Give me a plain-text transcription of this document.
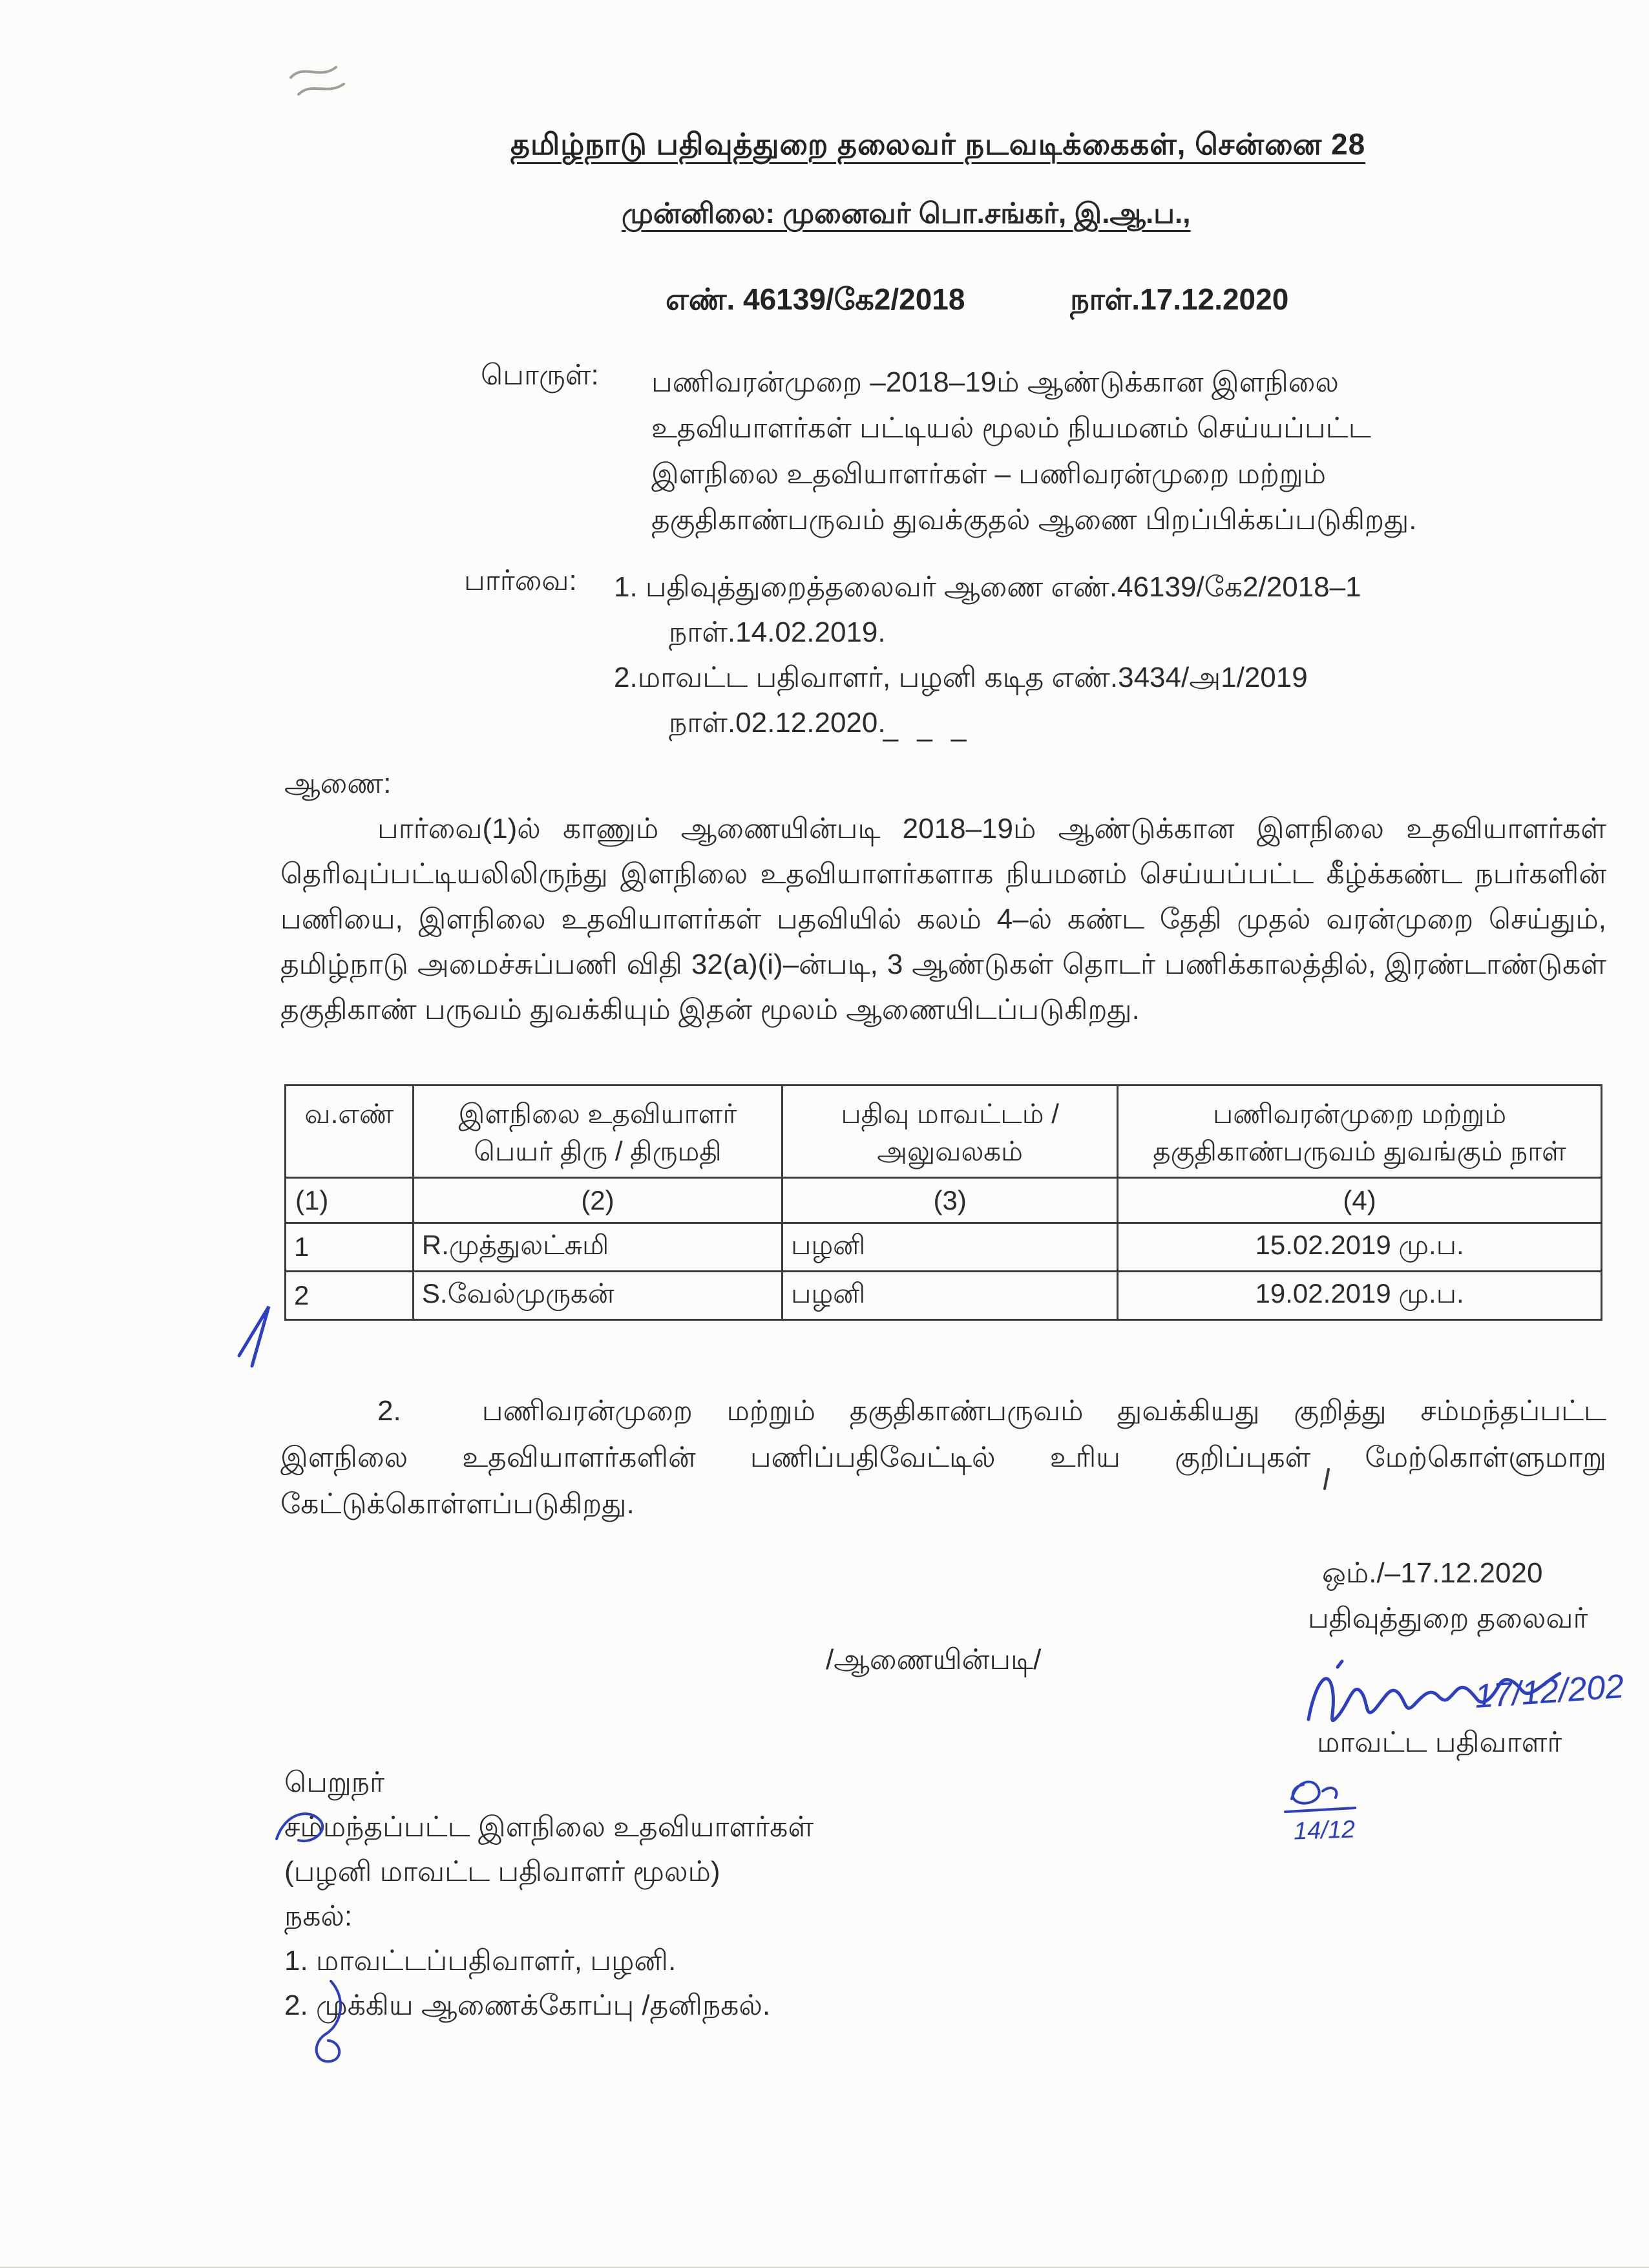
தமிழ்நாடு பதிவுத்துறை தலைவர் நடவடிக்கைகள், சென்னை 28
முன்னிலை: முனைவர் பொ.சங்கர், இ.ஆ.ப.,
எண். 46139/கே2/2018	நாள்.17.12.2020
பொருள்: பணிவரன்முறை –2018–19ம் ஆண்டுக்கான இளநிலை உதவியாளர்கள் பட்டியல் மூலம் நியமனம் செய்யப்பட்ட இளநிலை உதவியாளர்கள் – பணிவரன்முறை மற்றும் தகுதிகாண்பருவம் துவக்குதல் ஆணை பிறப்பிக்கப்படுகிறது.
பார்வை: 1. பதிவுத்துறைத்தலைவர் ஆணை எண்.46139/கே2/2018–1 நாள்.14.02.2019.
2.மாவட்ட பதிவாளர், பழனி கடித எண்.3434/அ1/2019 நாள்.02.12.2020.
– – –
ஆணை:

பார்வை(1)ல் காணும் ஆணையின்படி 2018–19ம் ஆண்டுக்கான இளநிலை உதவியாளர்கள் தெரிவுப்பட்டியலிலிருந்து இளநிலை உதவியாளர்களாக நியமனம் செய்யப்பட்ட கீழ்க்கண்ட நபர்களின் பணியை, இளநிலை உதவியாளர்கள் பதவியில் கலம் 4–ல் கண்ட தேதி முதல் வரன்முறை செய்தும், தமிழ்நாடு அமைச்சுப்பணி விதி 32(a)(i)–ன்படி, 3 ஆண்டுகள் தொடர் பணிக்காலத்தில், இரண்டாண்டுகள் தகுதிகாண் பருவம் துவக்கியும் இதன் மூலம் ஆணையிடப்படுகிறது.

வ.எண்	இளநிலை உதவியாளர் பெயர் திரு / திருமதி	பதிவு மாவட்டம் / அலுவலகம்	பணிவரன்முறை மற்றும் தகுதிகாண்பருவம் துவங்கும் நாள்
(1)	(2)	(3)	(4)
1	R.முத்துலட்சுமி	பழனி	15.02.2019 மு.ப.
2	S.வேல்முருகன்	பழனி	19.02.2019 மு.ப.

2.	பணிவரன்முறை மற்றும் தகுதிகாண்பருவம் துவக்கியது குறித்து சம்மந்தப்பட்ட இளநிலை உதவியாளர்களின் பணிப்பதிவேட்டில் உரிய குறிப்புகள் மேற்கொள்ளுமாறு கேட்டுக்கொள்ளப்படுகிறது.

ஒம்./–17.12.2020
பதிவுத்துறை தலைவர்
/ஆணையின்படி/
17/12/202
மாவட்ட பதிவாளர்
14/12
பெறுநர்
சம்மந்தப்பட்ட இளநிலை உதவியாளர்கள்
(பழனி மாவட்ட பதிவாளர் மூலம்)
நகல்:
1. மாவட்டப்பதிவாளர், பழனி.
2. முக்கிய ஆணைக்கோப்பு /தனிநகல்.
